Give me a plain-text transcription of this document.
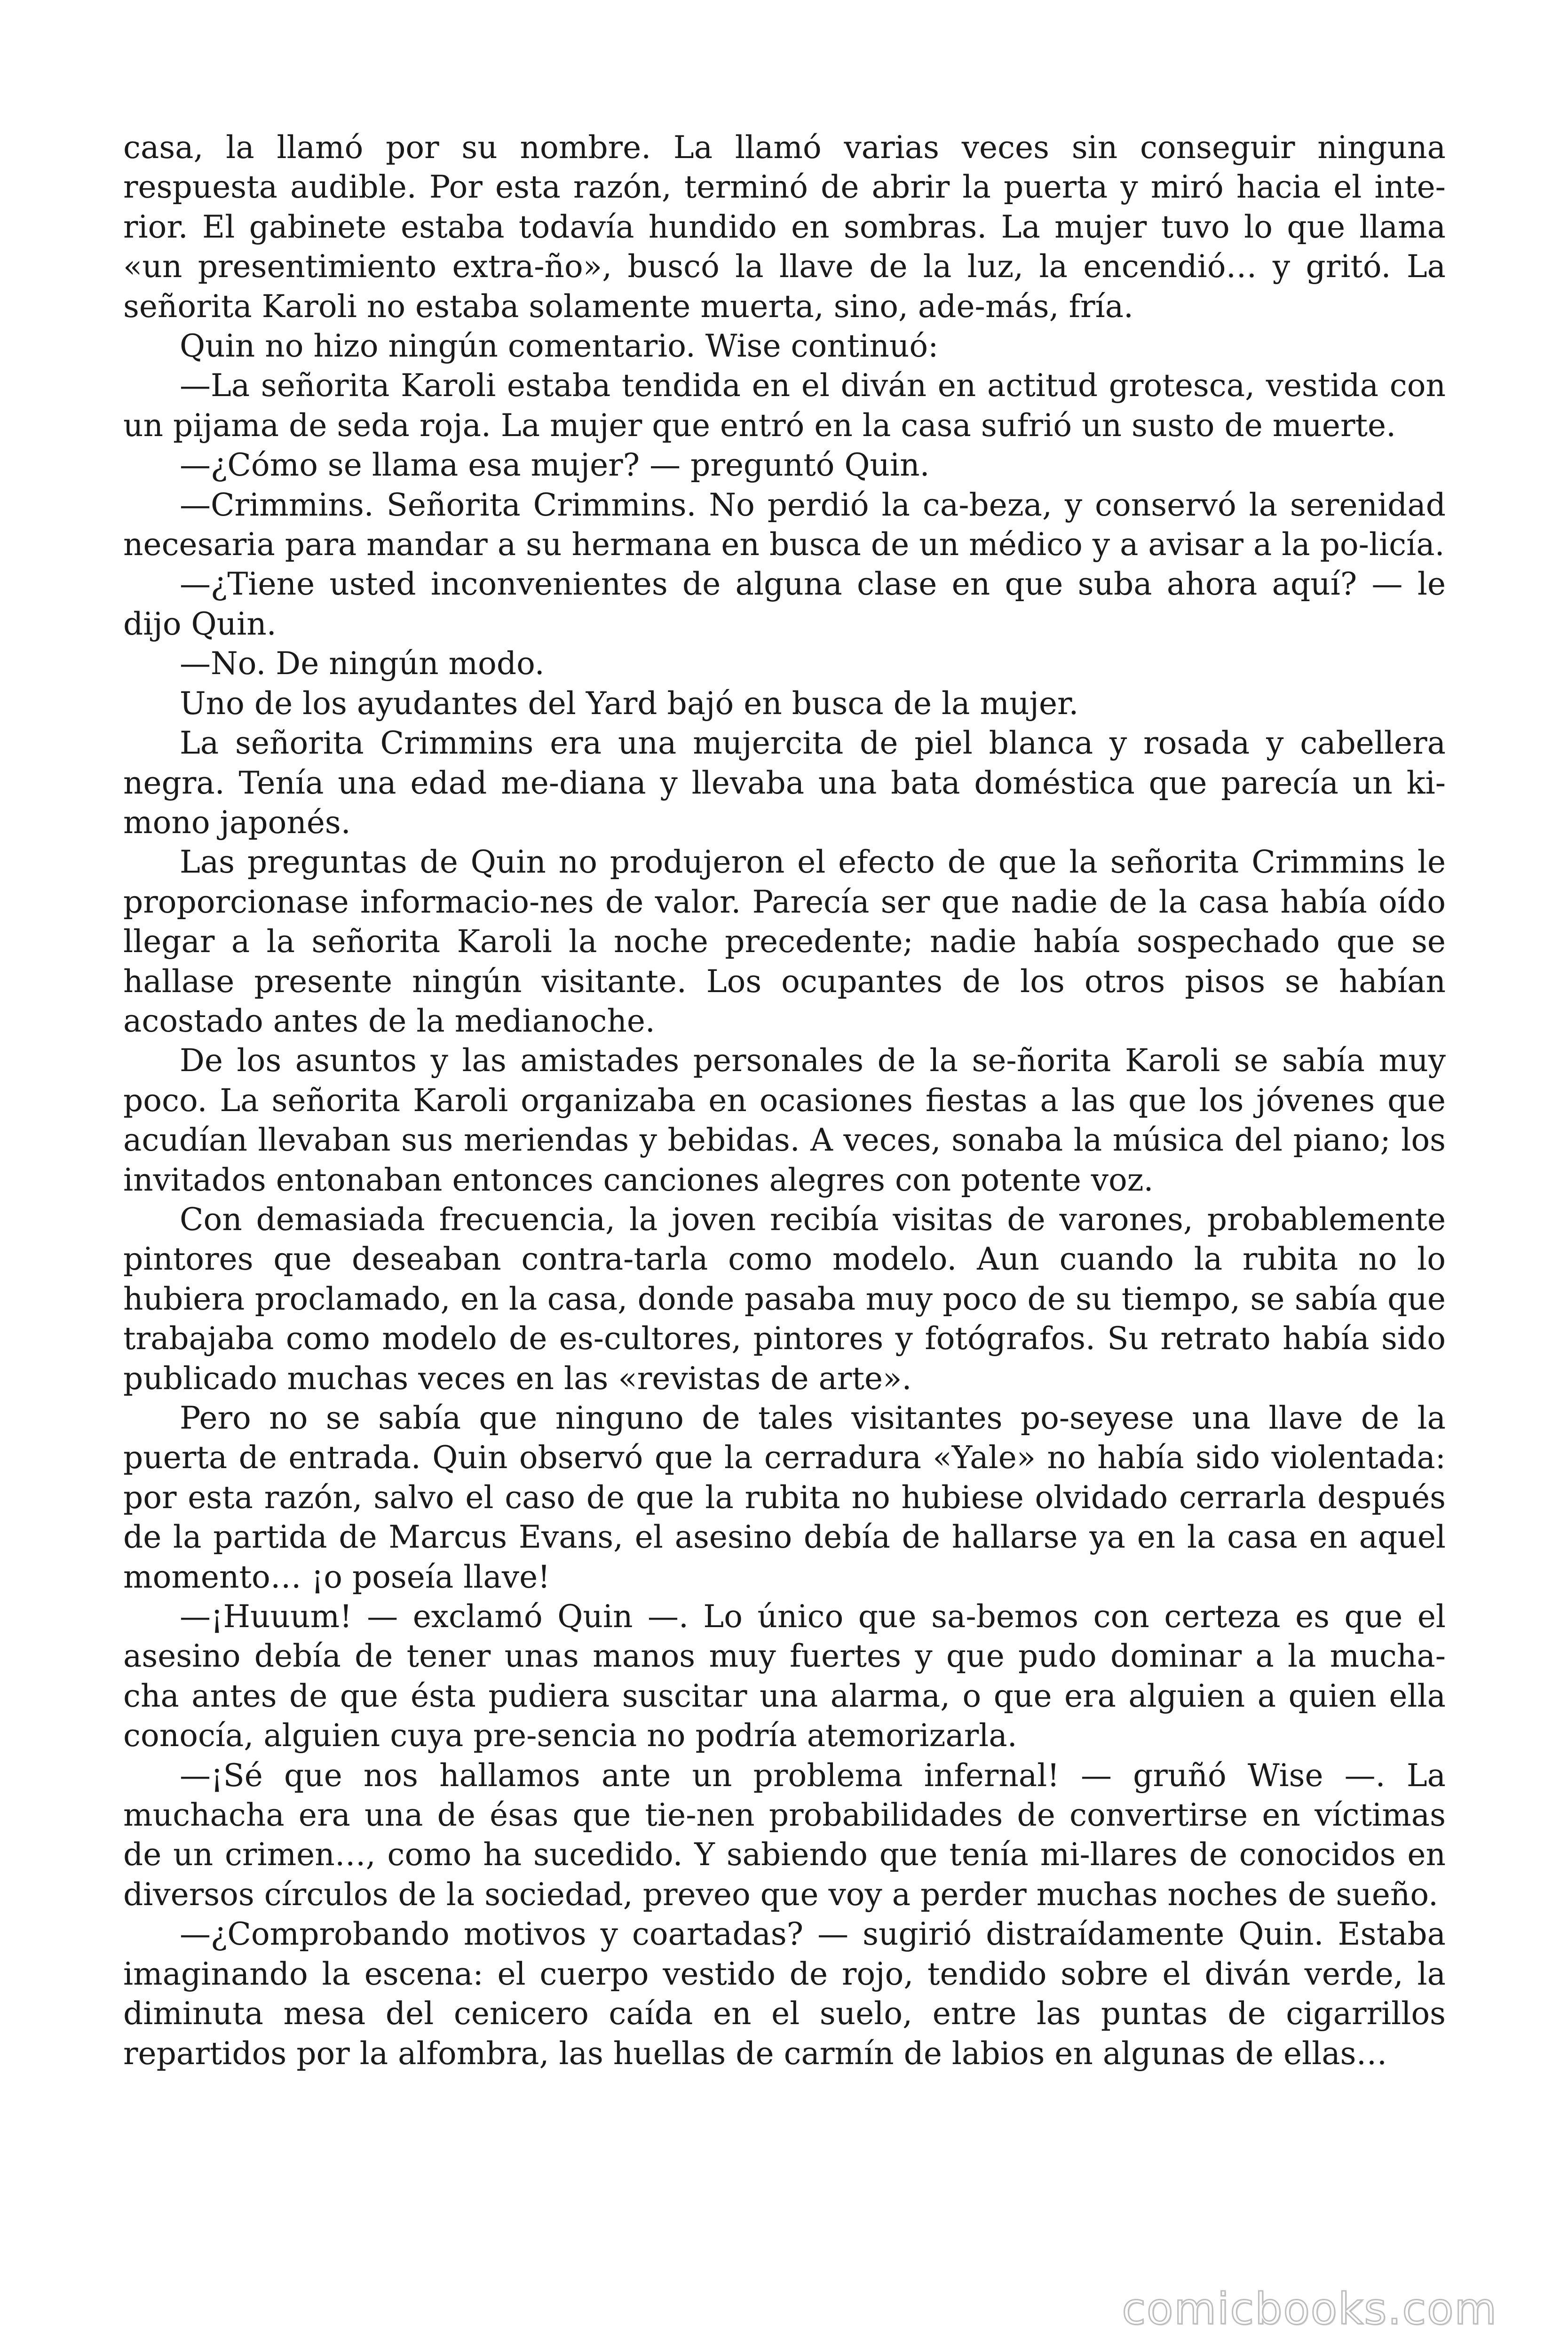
casa, la llamó por su nombre. La llamó varias veces sin conseguir ninguna respuesta audible. Por esta razón, terminó de abrir la puerta y miró hacia el inte-rior. El gabinete estaba todavía hundido en sombras. La mujer tuvo lo que llama «un presentimiento extra-ño», buscó la llave de la luz, la encendió… y gritó. La señorita Karoli no estaba solamente muerta, sino, ade-más, fría.

Quin no hizo ningún comentario. Wise continuó:

—La señorita Karoli estaba tendida en el diván en actitud grotesca, vestida con un pijama de seda roja. La mujer que entró en la casa sufrió un susto de muerte.

—¿Cómo se llama esa mujer? — preguntó Quin.

—Crimmins. Señorita Crimmins. No perdió la ca-beza, y conservó la serenidad necesaria para mandar a su hermana en busca de un médico y a avisar a la po-licía.

—¿Tiene usted inconvenientes de alguna clase en que suba ahora aquí? — le dijo Quin.

—No. De ningún modo.

Uno de los ayudantes del Yard bajó en busca de la mujer.

La señorita Crimmins era una mujercita de piel blanca y rosada y cabellera negra. Tenía una edad me-diana y llevaba una bata doméstica que parecía un ki-mono japonés.

Las preguntas de Quin no produjeron el efecto de que la señorita Crimmins le proporcionase informacio-nes de valor. Parecía ser que nadie de la casa había oído llegar a la señorita Karoli la noche precedente; nadie había sospechado que se hallase presente ningún visitante. Los ocupantes de los otros pisos se habían acostado antes de la medianoche.

De los asuntos y las amistades personales de la se-ñorita Karoli se sabía muy poco. La señorita Karoli organizaba en ocasiones fiestas a las que los jóvenes que acudían llevaban sus meriendas y bebidas. A veces, sonaba la música del piano; los invitados entonaban entonces canciones alegres con potente voz.

Con demasiada frecuencia, la joven recibía visitas de varones, probablemente pintores que deseaban contra-tarla como modelo. Aun cuando la rubita no lo hubiera proclamado, en la casa, donde pasaba muy poco de su tiempo, se sabía que trabajaba como modelo de es-cultores, pintores y fotógrafos. Su retrato había sido publicado muchas veces en las «revistas de arte».

Pero no se sabía que ninguno de tales visitantes po-seyese una llave de la puerta de entrada. Quin observó que la cerradura «Yale» no había sido violentada: por esta razón, salvo el caso de que la rubita no hubiese olvidado cerrarla después de la partida de Marcus Evans, el asesino debía de hallarse ya en la casa en aquel momento… ¡o poseía llave!

—¡Huuum! — exclamó Quin —. Lo único que sa-bemos con certeza es que el asesino debía de tener unas manos muy fuertes y que pudo dominar a la mucha-cha antes de que ésta pudiera suscitar una alarma, o que era alguien a quien ella conocía, alguien cuya pre-sencia no podría atemorizarla.

—¡Sé que nos hallamos ante un problema infernal! — gruñó Wise —. La muchacha era una de ésas que tie-nen probabilidades de convertirse en víctimas de un crimen…, como ha sucedido. Y sabiendo que tenía mi-llares de conocidos en diversos círculos de la sociedad, preveo que voy a perder muchas noches de sueño.

—¿Comprobando motivos y coartadas? — sugirió distraídamente Quin. Estaba imaginando la escena: el cuerpo vestido de rojo, tendido sobre el diván verde, la diminuta mesa del cenicero caída en el suelo, entre las puntas de cigarrillos repartidos por la alfombra, las huellas de carmín de labios en algunas de ellas…

comicbooks.com
